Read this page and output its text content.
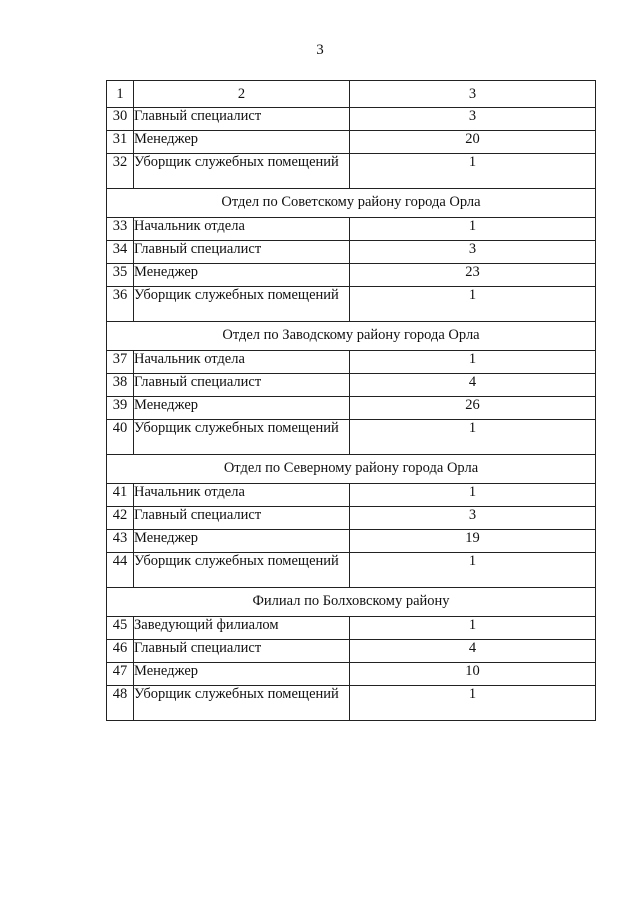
3
1	2	3
30	Главный специалист	3
31	Менеджер	20
32	Уборщик служебных помещений	1
Отдел по Советскому району города Орла		
33	Начальник отдела	1
34	Главный специалист	3
35	Менеджер	23
36	Уборщик служебных помещений	1
Отдел по Заводскому району города Орла		
37	Начальник отдела	1
38	Главный специалист	4
39	Менеджер	26
40	Уборщик служебных помещений	1
Отдел по Северному району города Орла		
41	Начальник отдела	1
42	Главный специалист	3
43	Менеджер	19
44	Уборщик служебных помещений	1
Филиал по Болховскому району		
45	Заведующий филиалом	1
46	Главный специалист	4
47	Менеджер	10
48	Уборщик служебных помещений	1
